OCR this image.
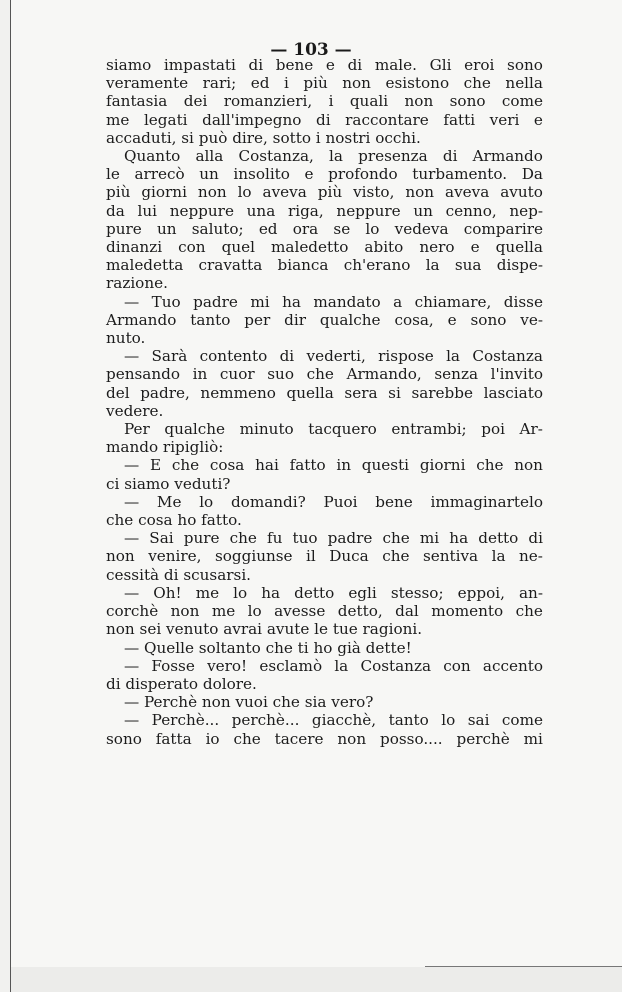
— 103 —
siamo impastati di bene e di male. Gli eroi sono
veramente rari; ed i più non esistono che nella
fantasia dei romanzieri, i quali non sono come
me legati dall'impegno di raccontare fatti veri e
accaduti, si può dire, sotto i nostri occhi.
Quanto alla Costanza, la presenza di Armando
le arrecò un insolito e profondo turbamento. Da
più giorni non lo aveva più visto, non aveva avuto
da lui neppure una riga, neppure un cenno, nep-
pure un saluto; ed ora se lo vedeva comparire
dinanzi con quel maledetto abito nero e quella
maledetta cravatta bianca ch'erano la sua dispe-
razione.
— Tuo padre mi ha mandato a chiamare, disse
Armando tanto per dir qualche cosa, e sono ve-
nuto.
— Sarà contento di vederti, rispose la Costanza
pensando in cuor suo che Armando, senza l'invito
del padre, nemmeno quella sera si sarebbe lasciato
vedere.
Per qualche minuto tacquero entrambi; poi Ar-
mando ripigliò:
— E che cosa hai fatto in questi giorni che non
ci siamo veduti?
— Me lo domandi? Puoi bene immaginartelo
che cosa ho fatto.
— Sai pure che fu tuo padre che mi ha detto di
non venire, soggiunse il Duca che sentiva la ne-
cessità di scusarsi.
— Oh! me lo ha detto egli stesso; eppoi, an-
corchè non me lo avesse detto, dal momento che
non sei venuto avrai avute le tue ragioni.
— Quelle soltanto che ti ho già dette!
— Fosse vero! esclamò la Costanza con accento
di disperato dolore.
— Perchè non vuoi che sia vero?
— Perchè... perchè... giacchè, tanto lo sai come
sono fatta io che tacere non posso.... perchè mi
